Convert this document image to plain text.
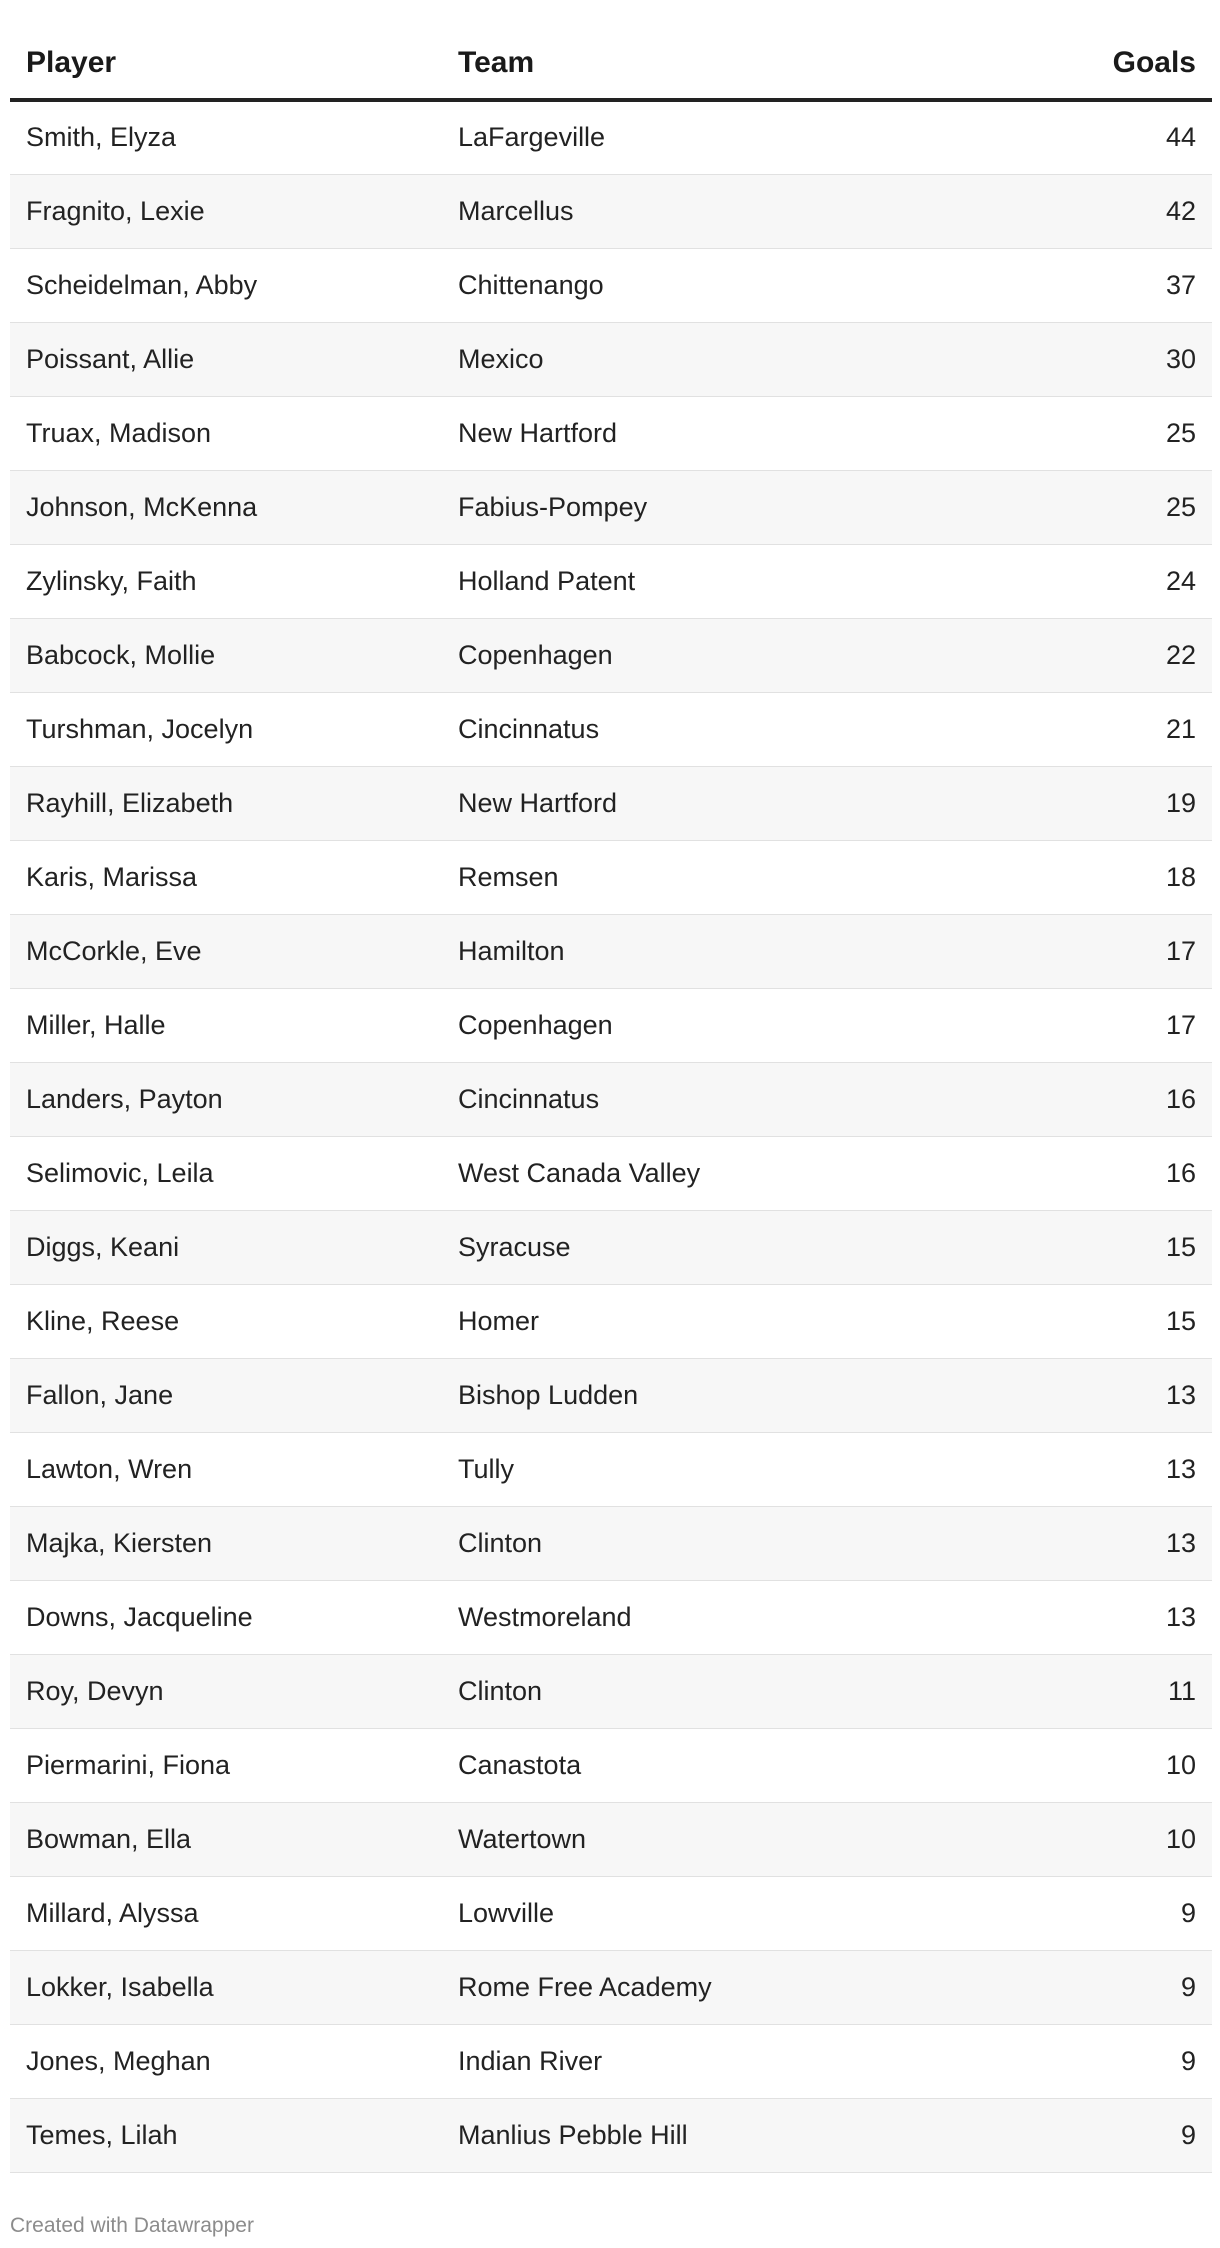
Player	Team	Goals
Smith, Elyza	LaFargeville	44
Fragnito, Lexie	Marcellus	42
Scheidelman, Abby	Chittenango	37
Poissant, Allie	Mexico	30
Truax, Madison	New Hartford	25
Johnson, McKenna	Fabius-Pompey	25
Zylinsky, Faith	Holland Patent	24
Babcock, Mollie	Copenhagen	22
Turshman, Jocelyn	Cincinnatus	21
Rayhill, Elizabeth	New Hartford	19
Karis, Marissa	Remsen	18
McCorkle, Eve	Hamilton	17
Miller, Halle	Copenhagen	17
Landers, Payton	Cincinnatus	16
Selimovic, Leila	West Canada Valley	16
Diggs, Keani	Syracuse	15
Kline, Reese	Homer	15
Fallon, Jane	Bishop Ludden	13
Lawton, Wren	Tully	13
Majka, Kiersten	Clinton	13
Downs, Jacqueline	Westmoreland	13
Roy, Devyn	Clinton	11
Piermarini, Fiona	Canastota	10
Bowman, Ella	Watertown	10
Millard, Alyssa	Lowville	9
Lokker, Isabella	Rome Free Academy	9
Jones, Meghan	Indian River	9
Temes, Lilah	Manlius Pebble Hill	9
Created with Datawrapper
